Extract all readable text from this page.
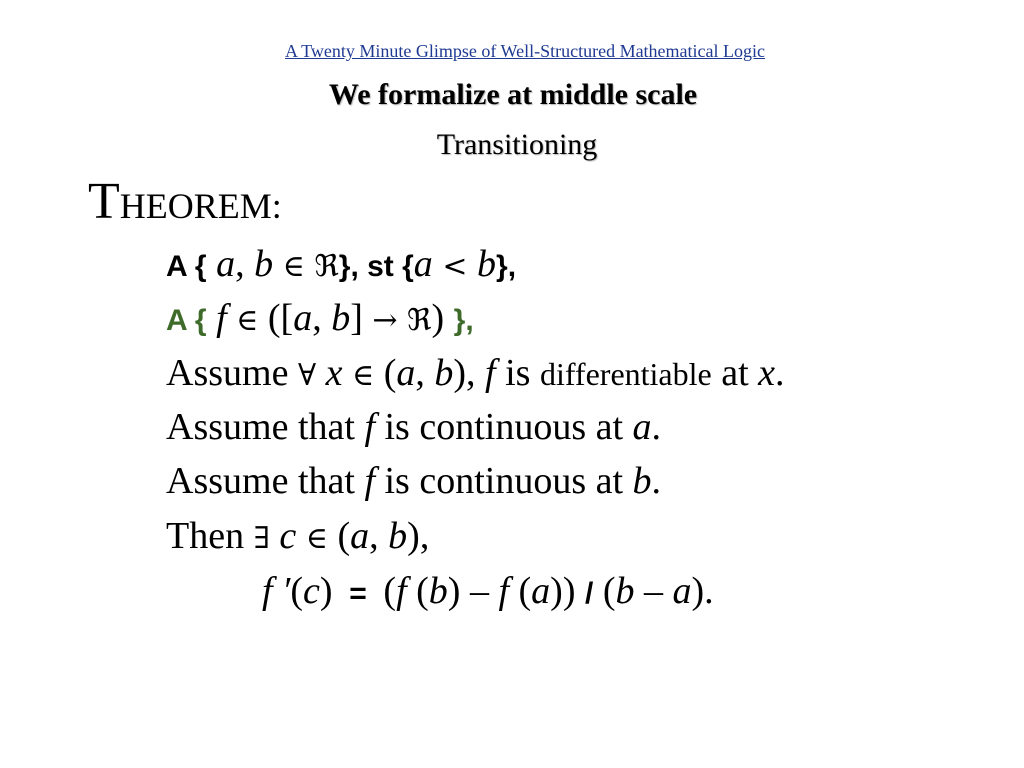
A Twenty Minute Glimpse of Well-Structured Mathematical Logic
We formalize at middle scale
Transitioning
THEOREM:
A { a, b ∈ ℜ}, st {a < b},
A { f ∈ ([a, b] → ℜ) },
Assume ∀ x ∈ (a, b), f is differentiable at x.
Assume that f is continuous at a.
Assume that f is continuous at b.
Then ∃ c ∈ (a, b),
f ′(c)  =  (f (b) – f (a)) / (b – a).
